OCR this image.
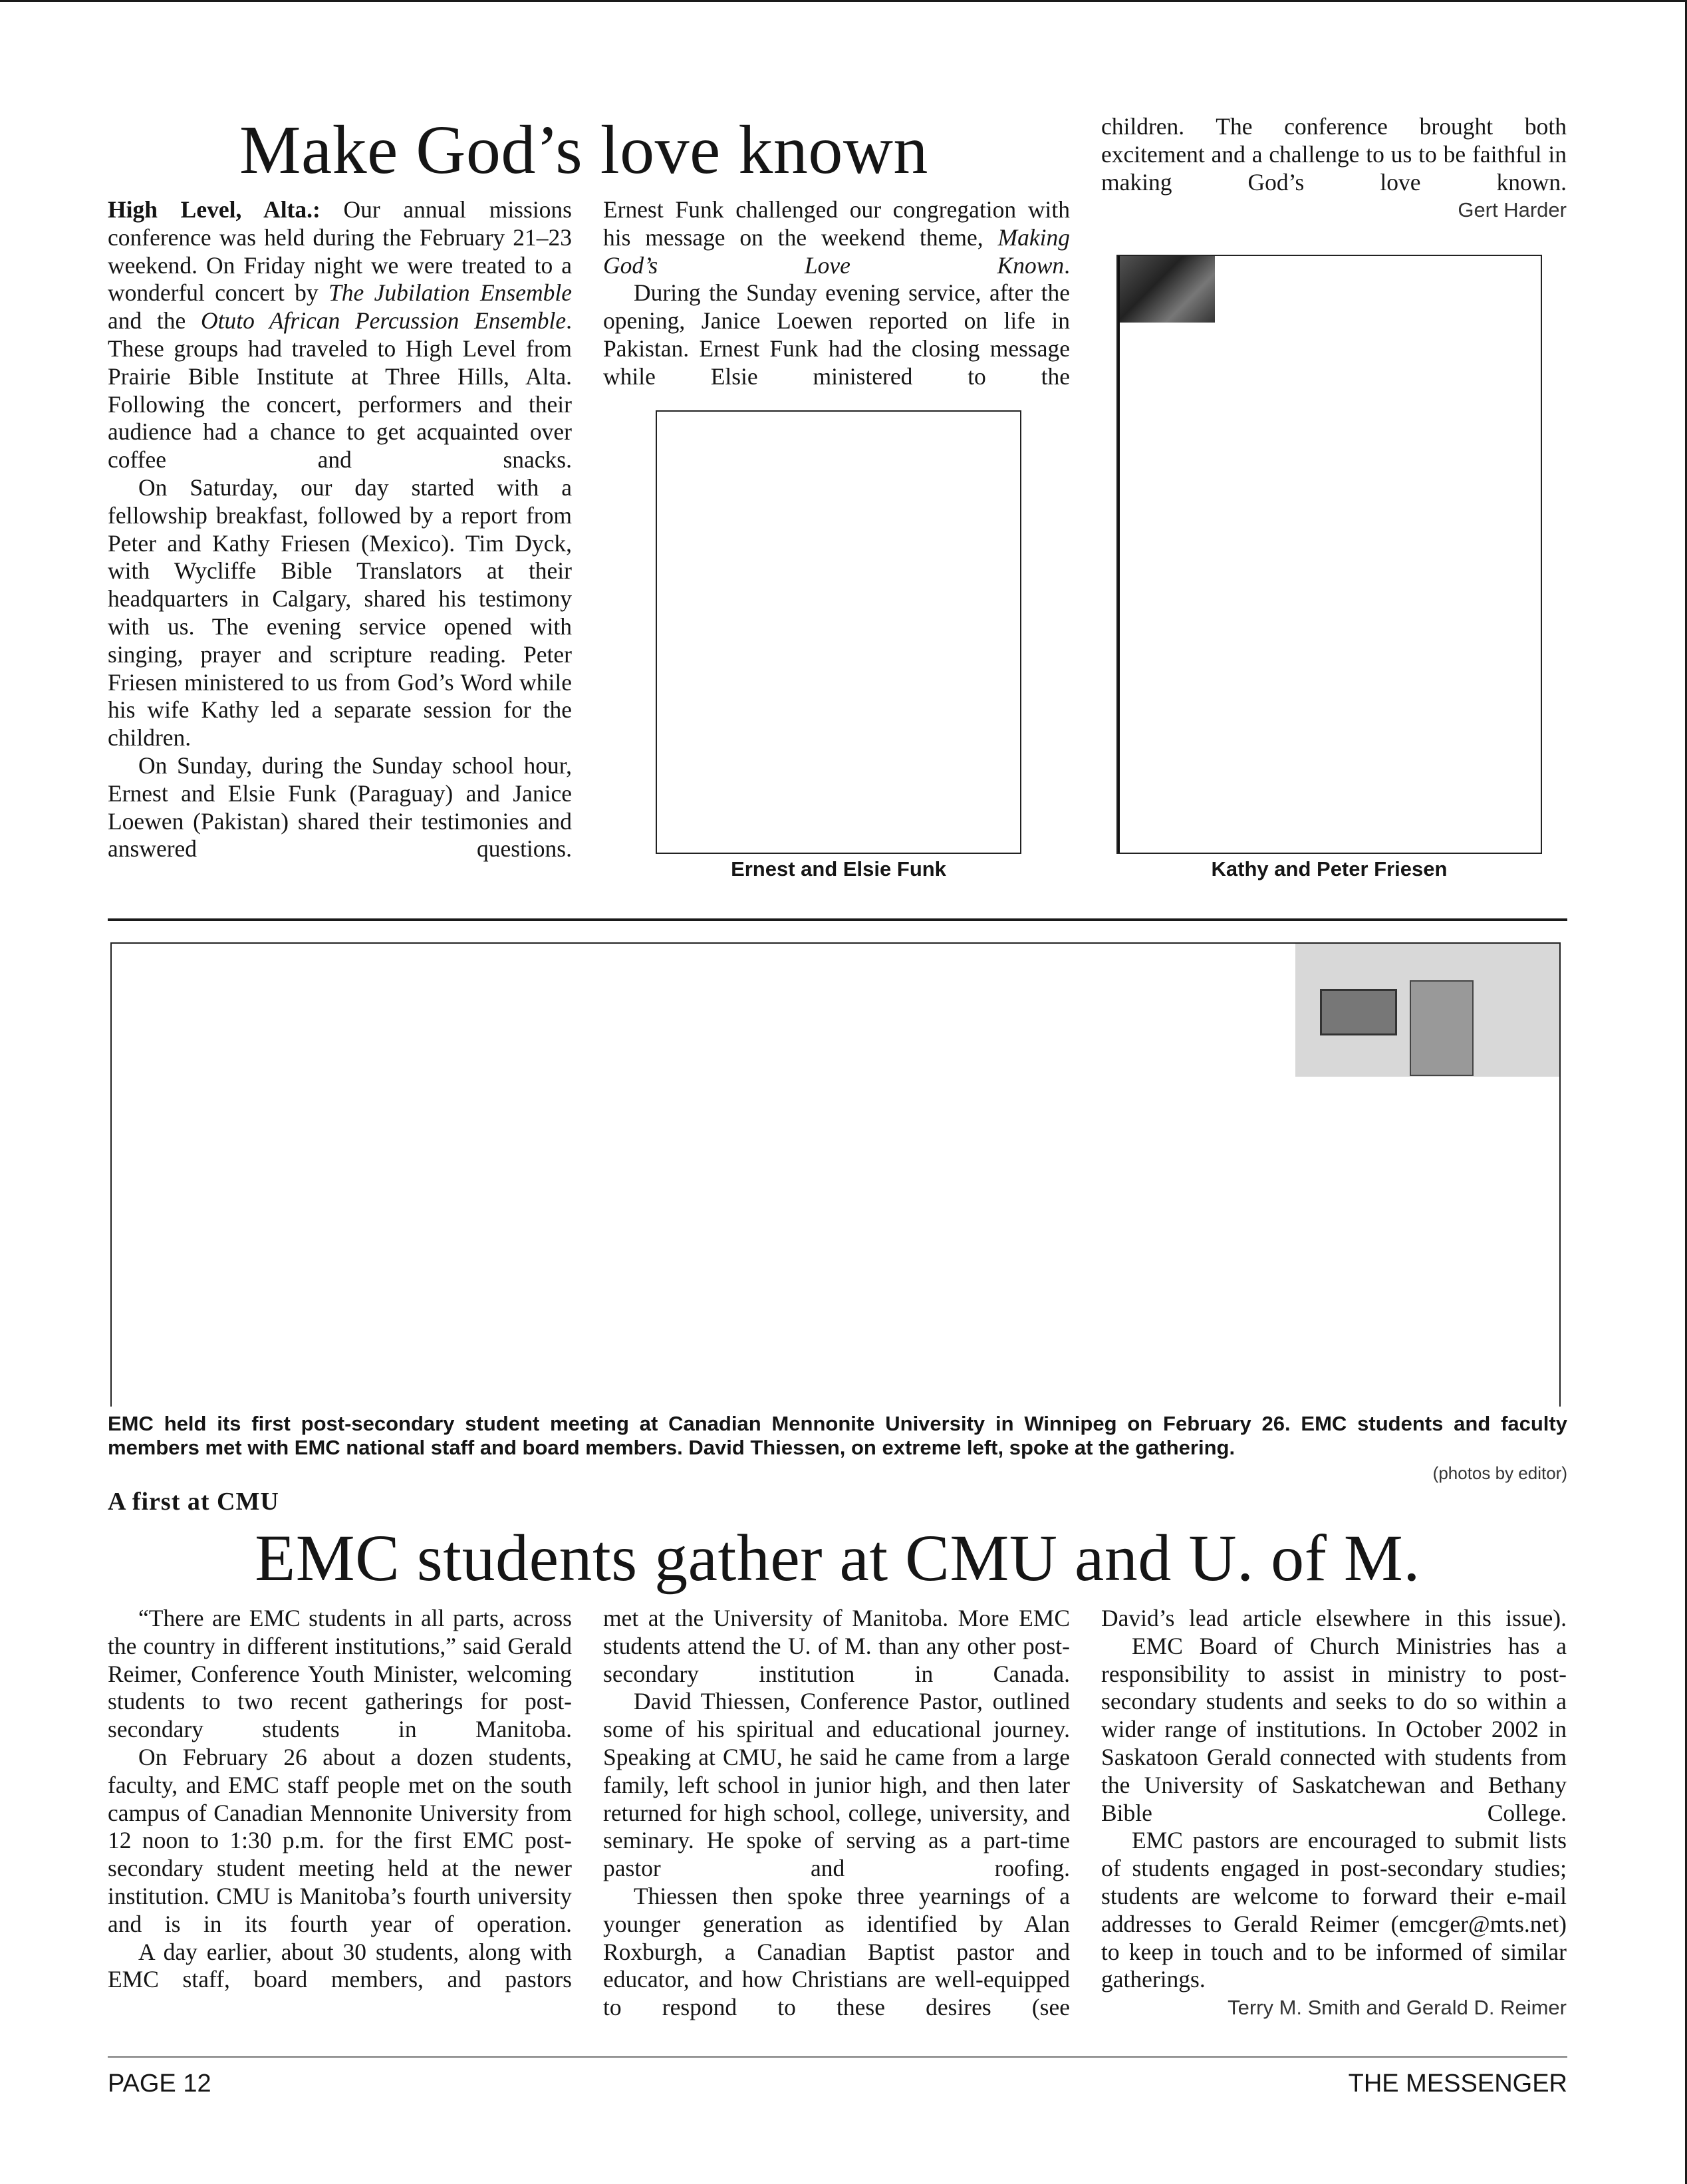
Make God’s love known

High Level, Alta.: Our annual missions conference was held during the February 21–23 weekend. On Friday night we were treated to a wonderful concert by The Jubilation Ensemble and the Otuto African Percussion Ensemble. These groups had traveled to High Level from Prairie Bible Institute at Three Hills, Alta. Following the concert, performers and their audience had a chance to get acquainted over coffee and snacks.

On Saturday, our day started with a fellowship breakfast, followed by a report from Peter and Kathy Friesen (Mexico). Tim Dyck, with Wycliffe Bible Translators at their headquarters in Calgary, shared his testimony with us. The evening service opened with singing, prayer and scripture reading. Peter Friesen ministered to us from God’s Word while his wife Kathy led a separate session for the children.

On Sunday, during the Sunday school hour, Ernest and Elsie Funk (Paraguay) and Janice Loewen (Pakistan) shared their testimonies and answered questions.

Ernest Funk challenged our congregation with his message on the weekend theme, Making God’s Love Known.

During the Sunday evening service, after the opening, Janice Loewen reported on life in Pakistan. Ernest Funk had the closing message while Elsie ministered to the

children. The conference brought both excitement and a challenge to us to be faithful in making God’s love known.

Gert Harder

Ernest and Elsie Funk	Kathy and Peter Friesen
EMC held its first post-secondary student meeting at Canadian Mennonite University in Winnipeg on February 26. EMC students and faculty members met with EMC national staff and board members. David Thiessen, on extreme left, spoke at the gathering.
(photos by editor)
A first at CMU
EMC students gather at CMU and U. of M.

“There are EMC students in all parts, across the country in different institutions,” said Gerald Reimer, Conference Youth Minister, welcoming students to two recent gatherings for post-secondary students in Manitoba.

On February 26 about a dozen students, faculty, and EMC staff people met on the south campus of Canadian Mennonite University from 12 noon to 1:30 p.m. for the first EMC post-secondary student meeting held at the newer institution. CMU is Manitoba’s fourth university and is in its fourth year of operation.

A day earlier, about 30 students, along with EMC staff, board members, and pastors

met at the University of Manitoba. More EMC students attend the U. of M. than any other post-secondary institution in Canada.

David Thiessen, Conference Pastor, outlined some of his spiritual and educational journey. Speaking at CMU, he said he came from a large family, left school in junior high, and then later returned for high school, college, university, and seminary. He spoke of serving as a part-time pastor and roofing.

Thiessen then spoke three yearnings of a younger generation as identified by Alan Roxburgh, a Canadian Baptist pastor and educator, and how Christians are well-equipped to respond to these desires (see

David’s lead article elsewhere in this issue).

EMC Board of Church Ministries has a responsibility to assist in ministry to post-secondary students and seeks to do so within a wider range of institutions. In October 2002 in Saskatoon Gerald connected with students from the University of Saskatchewan and Bethany Bible College.

EMC pastors are encouraged to submit lists of students engaged in post-secondary studies; students are welcome to forward their e-mail addresses to Gerald Reimer (emcger@mts.net) to keep in touch and to be informed of similar gatherings.

Terry M. Smith and Gerald D. Reimer

PAGE 12	THE MESSENGER
